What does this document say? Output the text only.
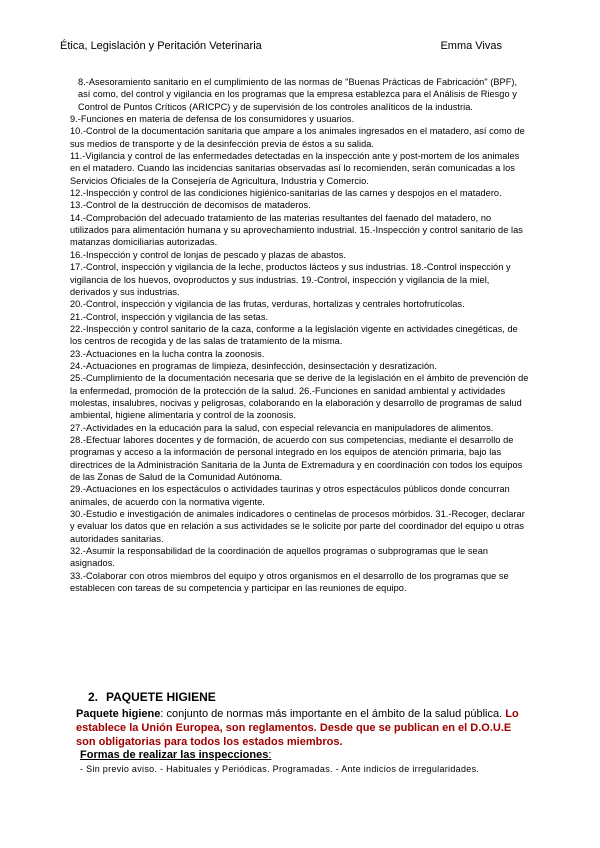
Ética, Legislación y Peritación Veterinaria	Emma Vivas

8.-Asesoramiento sanitario en el cumplimiento de las normas de "Buenas Prácticas de Fabricación" (BPF), así como, del control y vigilancia en los programas que la empresa establezca para el Análisis de Riesgo y Control de Puntos Críticos (ARICPC) y de supervisión de los controles analíticos de la industria.

9.-Funciones en materia de defensa de los consumidores y usuarios.

10.-Control de la documentación sanitaria que ampare a los animales ingresados en el matadero, así como de sus medios de transporte y de la desinfección previa de éstos a su salida.

11.-Vigilancia y control de las enfermedades detectadas en la inspección ante y post-mortem de los animales en el matadero. Cuando las incidencias sanitarias observadas así lo recomienden, serán comunicadas a los Servicios Oficiales de la Consejería de Agricultura, Industria y Comercio.

12.-Inspección y control de las condiciones higiénico-sanitarias de las carnes y despojos en el matadero.

13.-Control de la destrucción de decomisos de mataderos.

14.-Comprobación del adecuado tratamiento de las materias resultantes del faenado del matadero, no utilizados para alimentación humana y su aprovechamiento industrial. 15.-Inspección y control sanitario de las matanzas domiciliarias autorizadas.

16.-Inspección y control de lonjas de pescado y plazas de abastos.

17.-Control, inspección y vigilancia de la leche, productos lácteos y sus industrias. 18.-Control inspección y vigilancia de los huevos, ovoproductos y sus industrias. 19.-Control, inspección y vigilancia de la miel, derivados y sus industrias.

20.-Control, inspección y vigilancia de las frutas, verduras, hortalizas y centrales hortofrutícolas.

21.-Control, inspección y vigilancia de las setas.

22.-Inspección y control sanitario de la caza, conforme a la legislación vigente en actividades cinegéticas, de los centros de recogida y de las salas de tratamiento de la misma.

23.-Actuaciones en la lucha contra la zoonosis.

24.-Actuaciones en programas de limpieza, desinfección, desinsectación y desratización.

25.-Cumplimiento de la documentación necesaria que se derive de la legislación en el ámbito de prevención de la enfermedad, promoción de la protección de la salud. 26.-Funciones en sanidad ambiental y actividades molestas, insalubres, nocivas y peligrosas, colaborando en la elaboración y desarrollo de programas de salud ambiental, higiene alimentaria y control de la zoonosis.

27.-Actividades en la educación para la salud, con especial relevancia en manipuladores de alimentos.

28.-Efectuar labores docentes y de formación, de acuerdo con sus competencias, mediante el desarrollo de programas y acceso a la información de personal integrado en los equipos de atención primaria, bajo las directrices de la Administración Sanitaria de la Junta de Extremadura y en coordinación con todos los equipos de las Zonas de Salud de la Comunidad Autónoma.

29.-Actuaciones en los espectáculos o actividades taurinas y otros espectáculos públicos donde concurran animales, de acuerdo con la normativa vigente.

30.-Estudio e investigación de animales indicadores o centinelas de procesos mórbidos. 31.-Recoger, declarar y evaluar los datos que en relación a sus actividades se le solicite por parte del coordinador del equipo u otras autoridades sanitarias.

32.-Asumir la responsabilidad de la coordinación de aquellos programas o subprogramas que le sean asignados.

33.-Colaborar con otros miembros del equipo y otros organismos en el desarrollo de los programas que se establecen con tareas de su competencia y participar en las reuniones de equipo.

2. PAQUETE HIGIENE
Paquete higiene: conjunto de normas más importante en el ámbito de la salud pública. Lo establece la Unión Europea, son reglamentos. Desde que se publican en el D.O.U.E son obligatorias para todos los estados miembros.
Formas de realizar las inspecciones:
- Sin previo aviso. - Habituales y Periódicas. Programadas. - Ante indicios de irregularidades.
